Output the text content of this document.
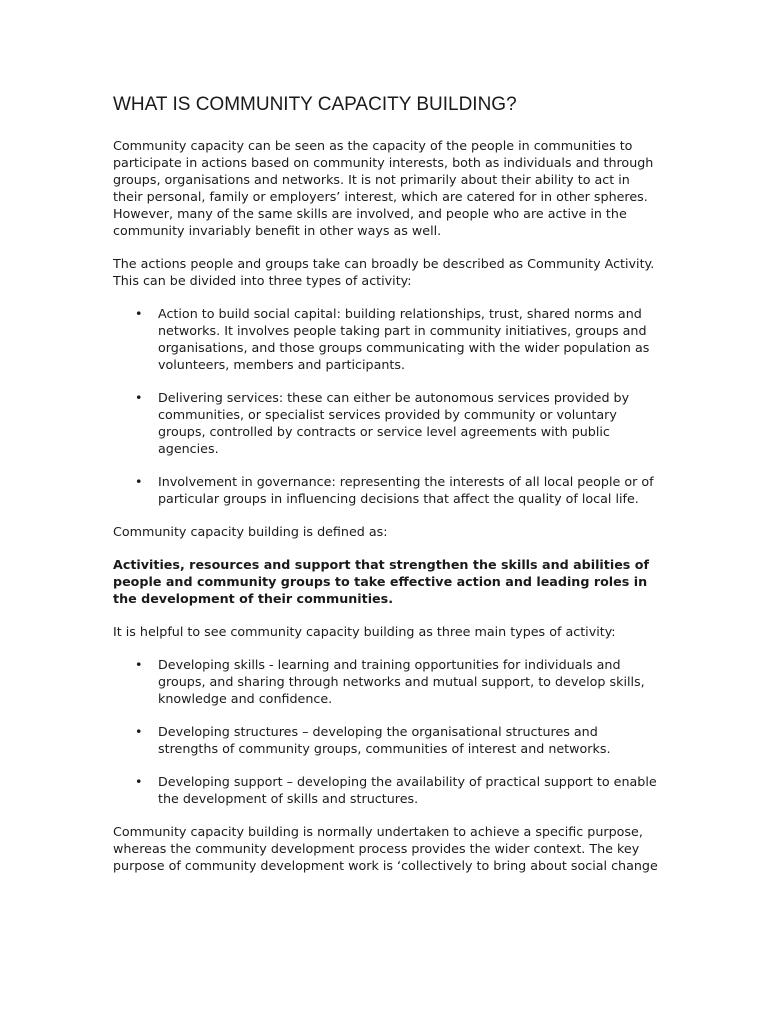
WHAT IS COMMUNITY CAPACITY BUILDING?

Community capacity can be seen as the capacity of the people in communities to participate in actions based on community interests, both as individuals and through groups, organisations and networks. It is not primarily about their ability to act in their personal, family or employers’ interest, which are catered for in other spheres. However, many of the same skills are involved, and people who are active in the community invariably benefit in other ways as well.

The actions people and groups take can broadly be described as Community Activity. This can be divided into three types of activity:

• Action to build social capital: building relationships, trust, shared norms and networks. It involves people taking part in community initiatives, groups and organisations, and those groups communicating with the wider population as volunteers, members and participants.
• Delivering services: these can either be autonomous services provided by communities, or specialist services provided by community or voluntary groups, controlled by contracts or service level agreements with public agencies.
• Involvement in governance: representing the interests of all local people or of particular groups in influencing decisions that affect the quality of local life.

Community capacity building is defined as:

Activities, resources and support that strengthen the skills and abilities of people and community groups to take effective action and leading roles in the development of their communities.

It is helpful to see community capacity building as three main types of activity:

• Developing skills - learning and training opportunities for individuals and groups, and sharing through networks and mutual support, to develop skills, knowledge and confidence.
• Developing structures – developing the organisational structures and strengths of community groups, communities of interest and networks.
• Developing support – developing the availability of practical support to enable the development of skills and structures.

Community capacity building is normally undertaken to achieve a specific purpose, whereas the community development process provides the wider context. The key purpose of community development work is ‘collectively to bring about social change
